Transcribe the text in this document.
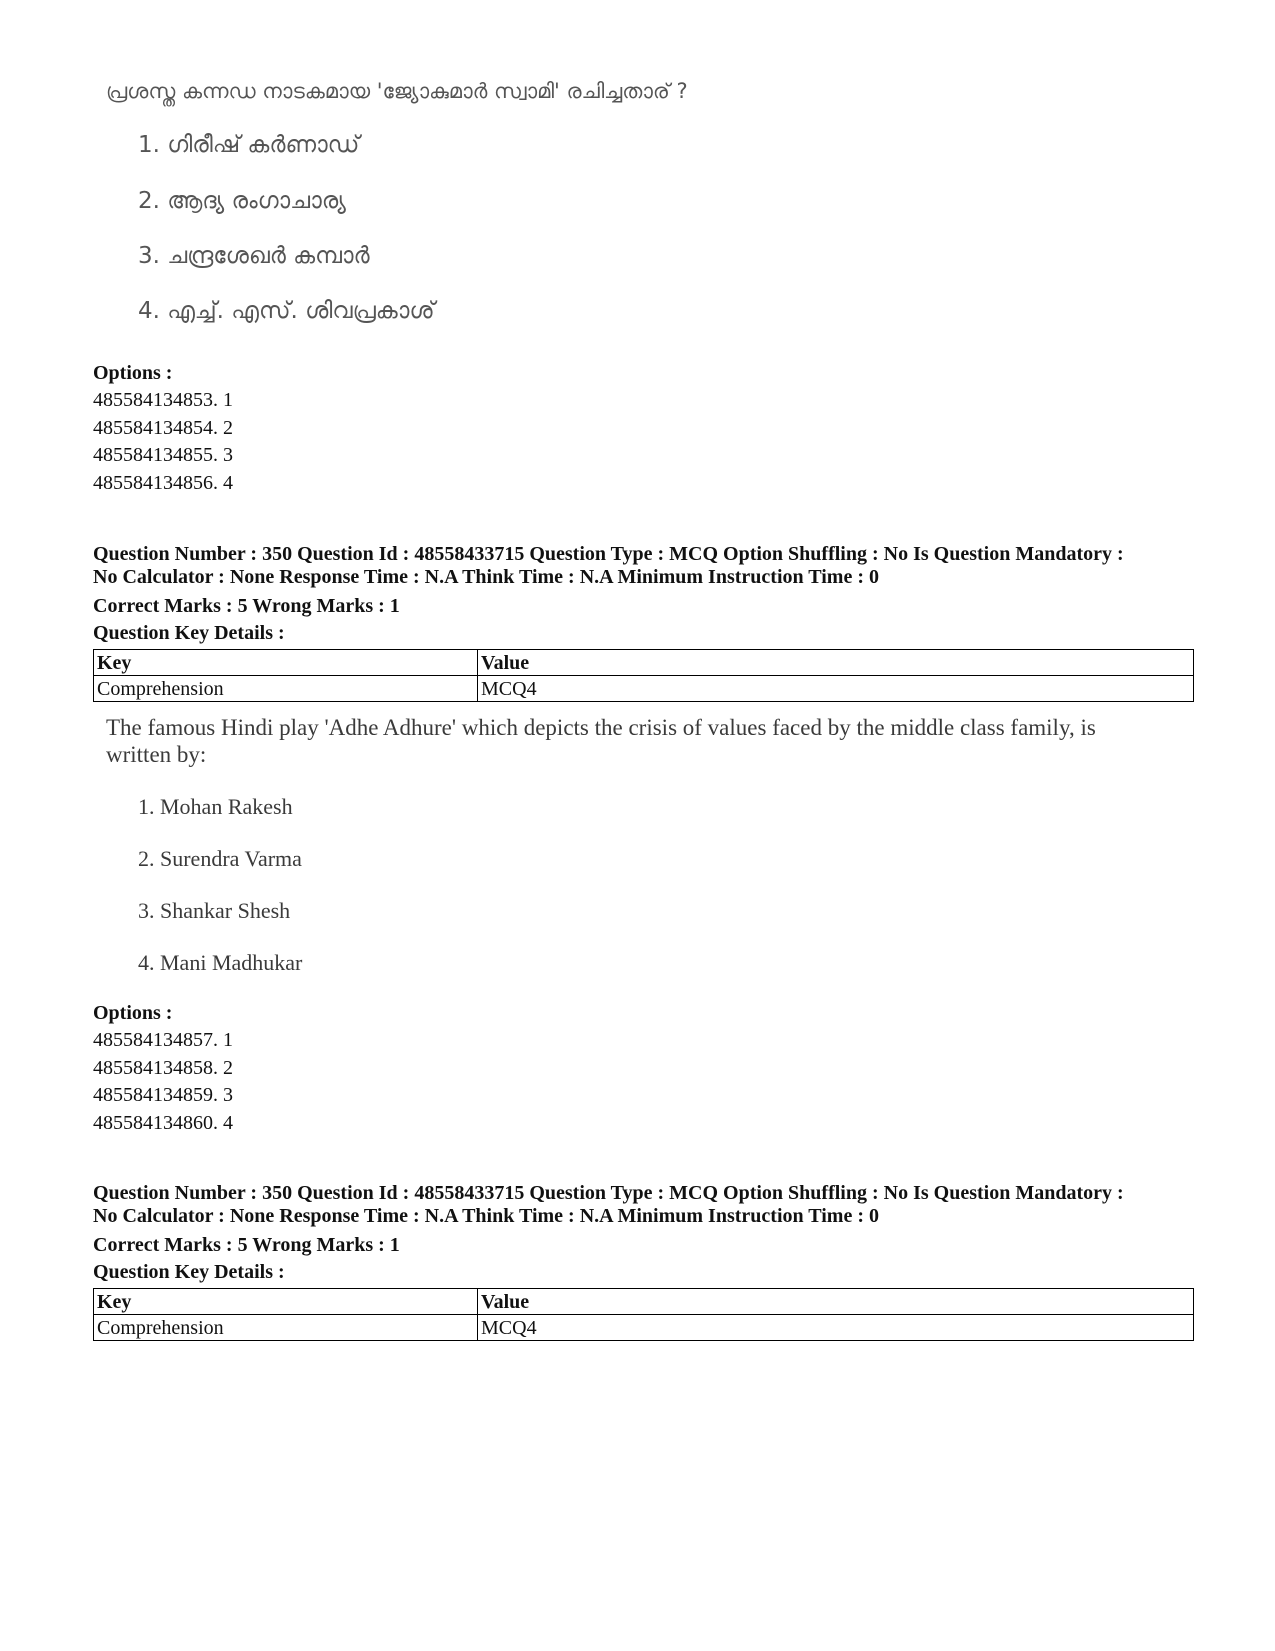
പ്രശസ്ത കന്നഡ നാടകമായ 'ജ്യോകുമാർ സ്വാമി' രചിച്ചതാര് ?
1. ഗിരീഷ് കർണാഡ്
2. ആദ്യ രംഗാചാര്യ
3. ചന്ദ്രശേഖർ കമ്പാർ
4. എച്ച്. എസ്. ശിവപ്രകാശ്
Options :
485584134853. 1
485584134854. 2
485584134855. 3
485584134856. 4
Question Number : 350 Question Id : 48558433715 Question Type : MCQ Option Shuffling : No Is Question Mandatory :
No Calculator : None Response Time : N.A Think Time : N.A Minimum Instruction Time : 0
Correct Marks : 5 Wrong Marks : 1
Question Key Details :
Key	Value
Comprehension	MCQ4
The famous Hindi play 'Adhe Adhure' which depicts the crisis of values faced by the middle class family, is
written by:
1. Mohan Rakesh
2. Surendra Varma
3. Shankar Shesh
4. Mani Madhukar
Options :
485584134857. 1
485584134858. 2
485584134859. 3
485584134860. 4
Question Number : 350 Question Id : 48558433715 Question Type : MCQ Option Shuffling : No Is Question Mandatory :
No Calculator : None Response Time : N.A Think Time : N.A Minimum Instruction Time : 0
Correct Marks : 5 Wrong Marks : 1
Question Key Details :
Key	Value
Comprehension	MCQ4
